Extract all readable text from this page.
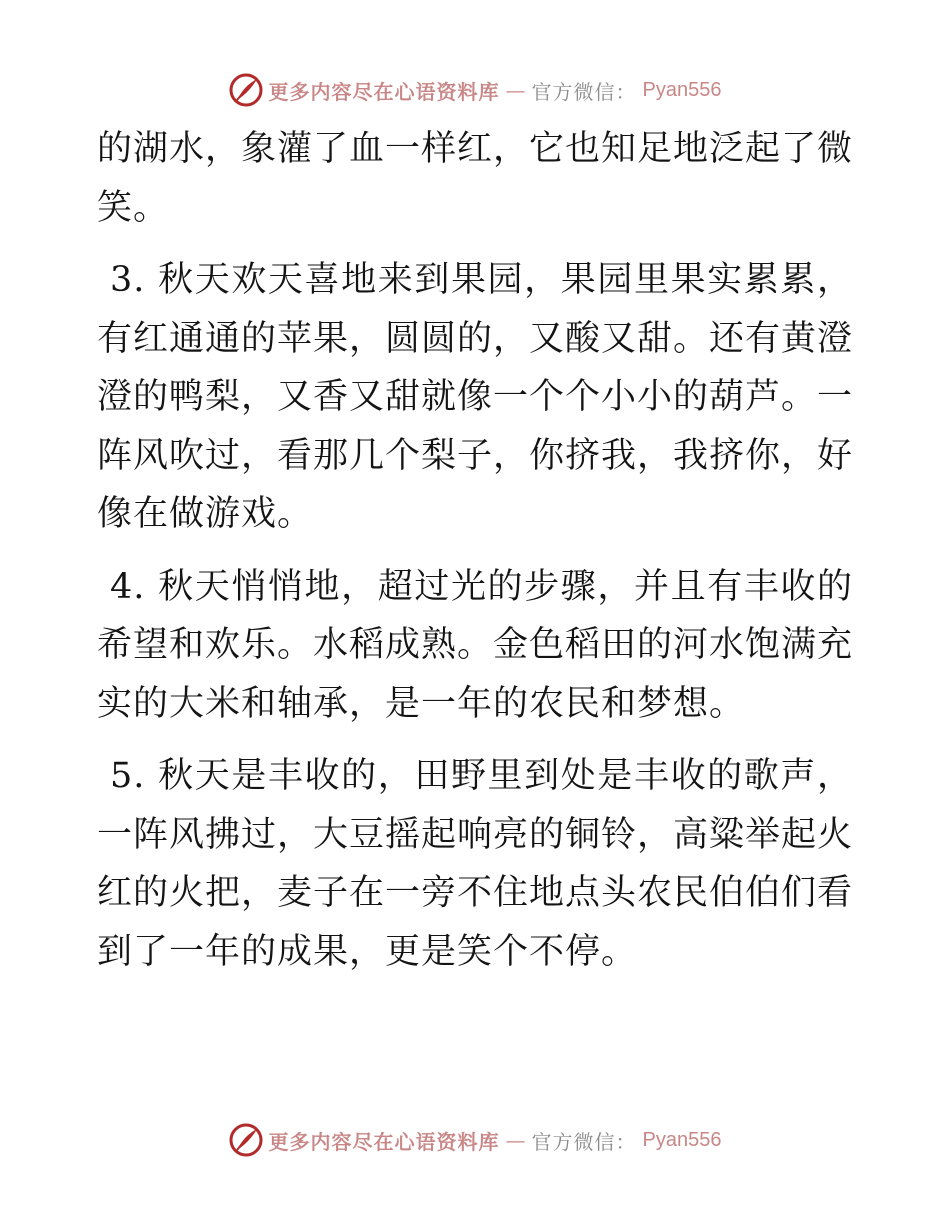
更多内容尽在心语资料库 — 官方微信： Pyan556

的湖水，象灌了血一样红，它也知足地泛起了微笑。

3. 秋天欢天喜地来到果园，果园里果实累累，有红通通的苹果，圆圆的，又酸又甜。还有黄澄澄的鸭梨，又香又甜就像一个个小小的葫芦。一阵风吹过，看那几个梨子，你挤我，我挤你，好像在做游戏。

4. 秋天悄悄地，超过光的步骤，并且有丰收的希望和欢乐。水稻成熟。金色稻田的河水饱满充实的大米和轴承，是一年的农民和梦想。

5. 秋天是丰收的，田野里到处是丰收的歌声，一阵风拂过，大豆摇起响亮的铜铃，高粱举起火红的火把，麦子在一旁不住地点头农民伯伯们看到了一年的成果，更是笑个不停。

更多内容尽在心语资料库 — 官方微信： Pyan556
